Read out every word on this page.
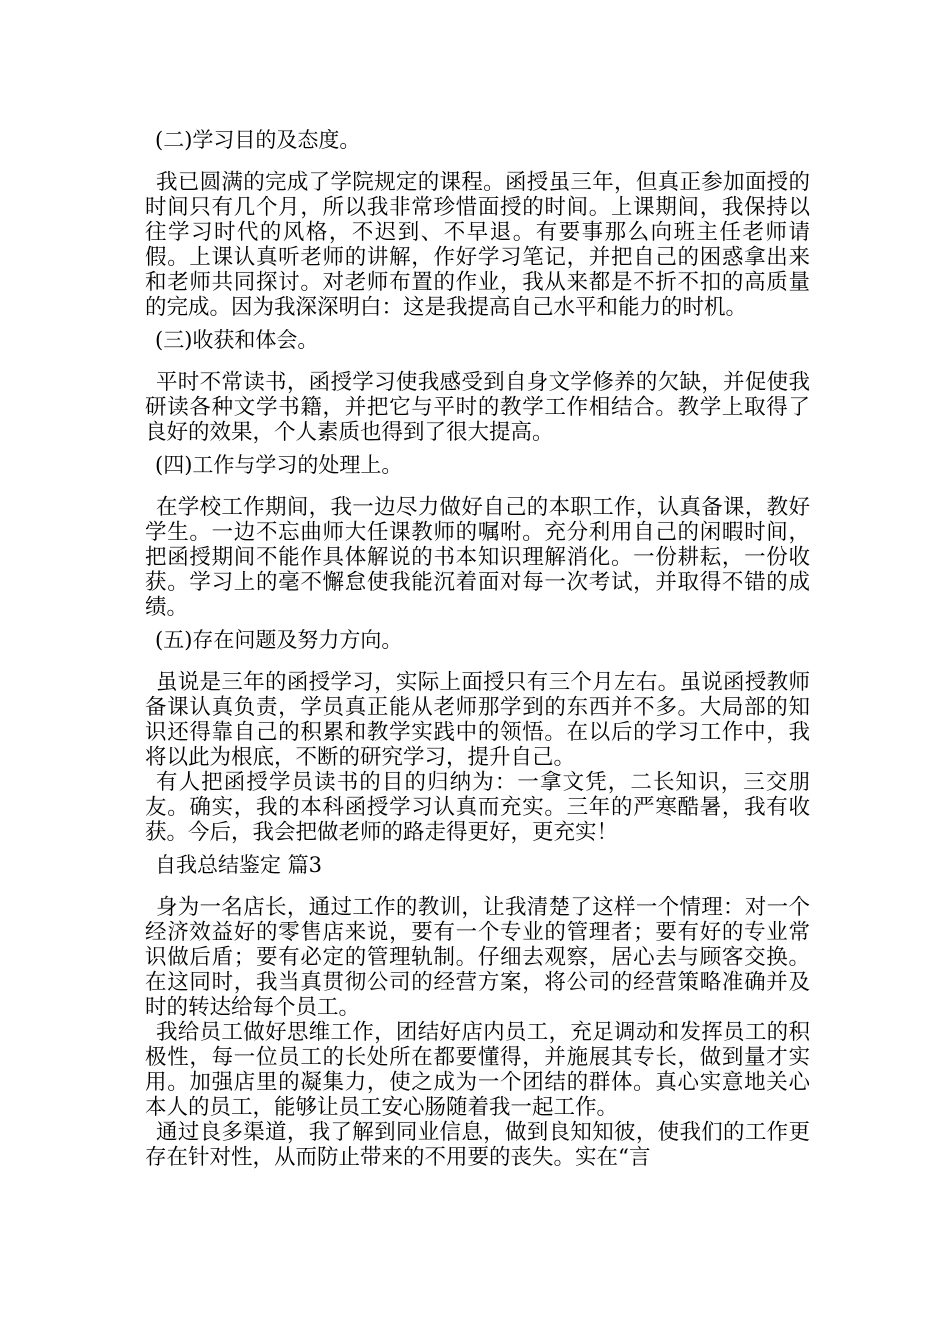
(二)学习目的及态度。
我已圆满的完成了学院规定的课程。函授虽三年，但真正参加面授的时间只有几个月，所以我非常珍惜面授的时间。上课期间，我保持以往学习时代的风格，不迟到、不早退。有要事那么向班主任老师请假。上课认真听老师的讲解，作好学习笔记，并把自己的困惑拿出来和老师共同探讨。对老师布置的作业，我从来都是不折不扣的高质量的完成。因为我深深明白：这是我提高自己水平和能力的时机。
(三)收获和体会。
平时不常读书，函授学习使我感受到自身文学修养的欠缺，并促使我研读各种文学书籍，并把它与平时的教学工作相结合。教学上取得了良好的效果，个人素质也得到了很大提高。
(四)工作与学习的处理上。
在学校工作期间，我一边尽力做好自己的本职工作，认真备课，教好学生。一边不忘曲师大任课教师的嘱咐。充分利用自己的闲暇时间，把函授期间不能作具体解说的书本知识理解消化。一份耕耘，一份收获。学习上的毫不懈怠使我能沉着面对每一次考试，并取得不错的成绩。
(五)存在问题及努力方向。
虽说是三年的函授学习，实际上面授只有三个月左右。虽说函授教师备课认真负责，学员真正能从老师那学到的东西并不多。大局部的知识还得靠自己的积累和教学实践中的领悟。在以后的学习工作中，我将以此为根底，不断的研究学习，提升自己。
有人把函授学员读书的目的归纳为：一拿文凭，二长知识，三交朋友。确实，我的本科函授学习认真而充实。三年的严寒酷暑，我有收获。今后，我会把做老师的路走得更好，更充实！
自我总结鉴定 篇3
身为一名店长，通过工作的教训，让我清楚了这样一个情理：对一个经济效益好的零售店来说，要有一个专业的管理者；要有好的专业常识做后盾；要有必定的管理轨制。仔细去观察，居心去与顾客交换。在这同时，我当真贯彻公司的经营方案，将公司的经营策略准确并及时的转达给每个员工。
我给员工做好思维工作，团结好店内员工，充足调动和发挥员工的积极性，每一位员工的长处所在都要懂得，并施展其专长，做到量才实用。加强店里的凝集力，使之成为一个团结的群体。真心实意地关心本人的员工，能够让员工安心肠随着我一起工作。
通过良多渠道，我了解到同业信息，做到良知知彼，使我们的工作更存在针对性，从而防止带来的不用要的丧失。实在“言
